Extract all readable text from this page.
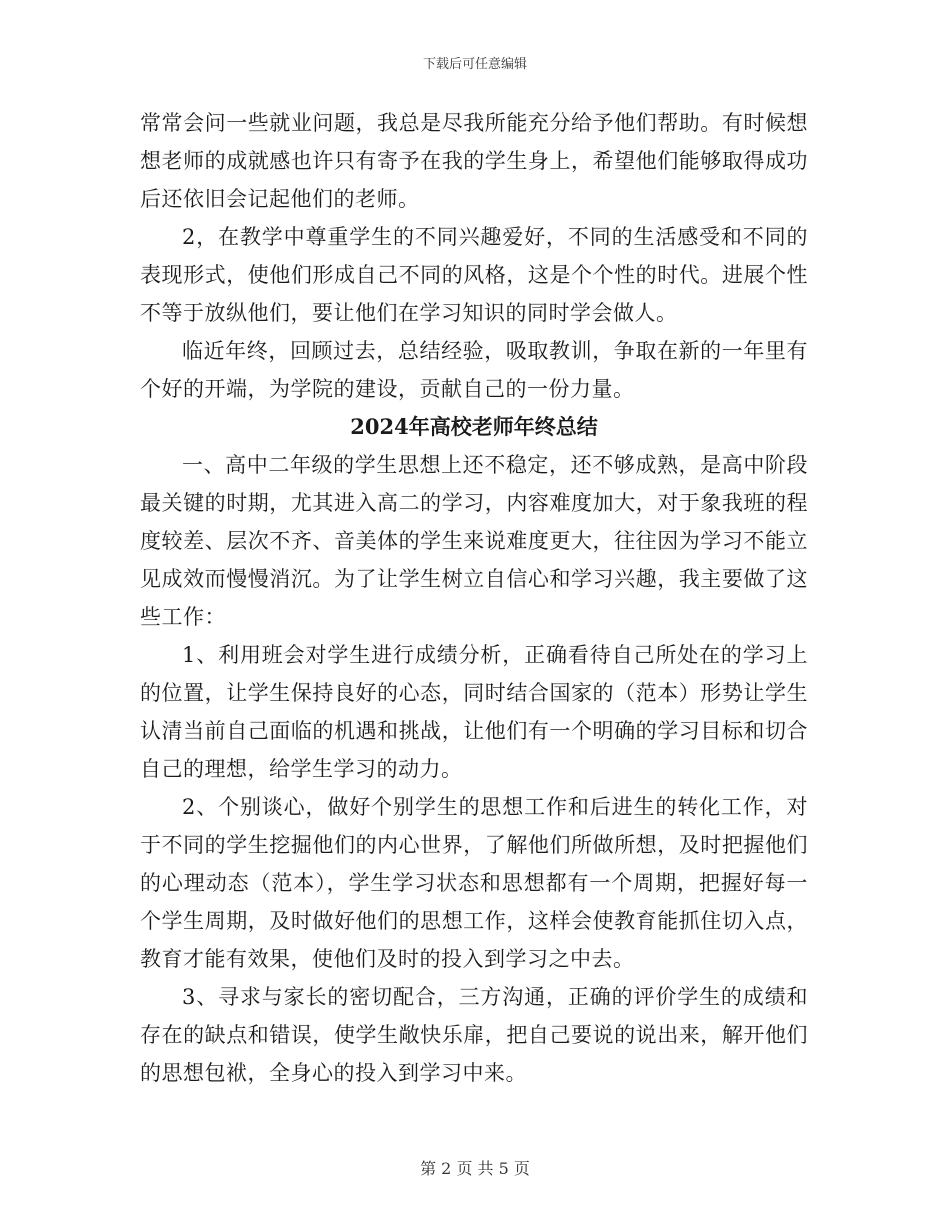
下载后可任意编辑

常常会问一些就业问题，我总是尽我所能充分给予他们帮助。有时候想想老师的成就感也许只有寄予在我的学生身上，希望他们能够取得成功后还依旧会记起他们的老师。

2，在教学中尊重学生的不同兴趣爱好，不同的生活感受和不同的表现形式，使他们形成自己不同的风格，这是个个性的时代。进展个性不等于放纵他们，要让他们在学习知识的同时学会做人。

临近年终，回顾过去，总结经验，吸取教训，争取在新的一年里有个好的开端，为学院的建设，贡献自己的一份力量。

2024年高校老师年终总结

一、高中二年级的学生思想上还不稳定，还不够成熟，是高中阶段最关键的时期，尤其进入高二的学习，内容难度加大，对于象我班的程度较差、层次不齐、音美体的学生来说难度更大，往往因为学习不能立见成效而慢慢消沉。为了让学生树立自信心和学习兴趣，我主要做了这些工作：

1、利用班会对学生进行成绩分析，正确看待自己所处在的学习上的位置，让学生保持良好的心态，同时结合国家的（范本）形势让学生认清当前自己面临的机遇和挑战，让他们有一个明确的学习目标和切合自己的理想，给学生学习的动力。

2、个别谈心，做好个别学生的思想工作和后进生的转化工作，对于不同的学生挖掘他们的内心世界，了解他们所做所想，及时把握他们的心理动态（范本），学生学习状态和思想都有一个周期，把握好每一个学生周期，及时做好他们的思想工作，这样会使教育能抓住切入点，教育才能有效果，使他们及时的投入到学习之中去。

3、寻求与家长的密切配合，三方沟通，正确的评价学生的成绩和存在的缺点和错误，使学生敞快乐扉，把自己要说的说出来，解开他们的思想包袱，全身心的投入到学习中来。

第 2 页 共 5 页
